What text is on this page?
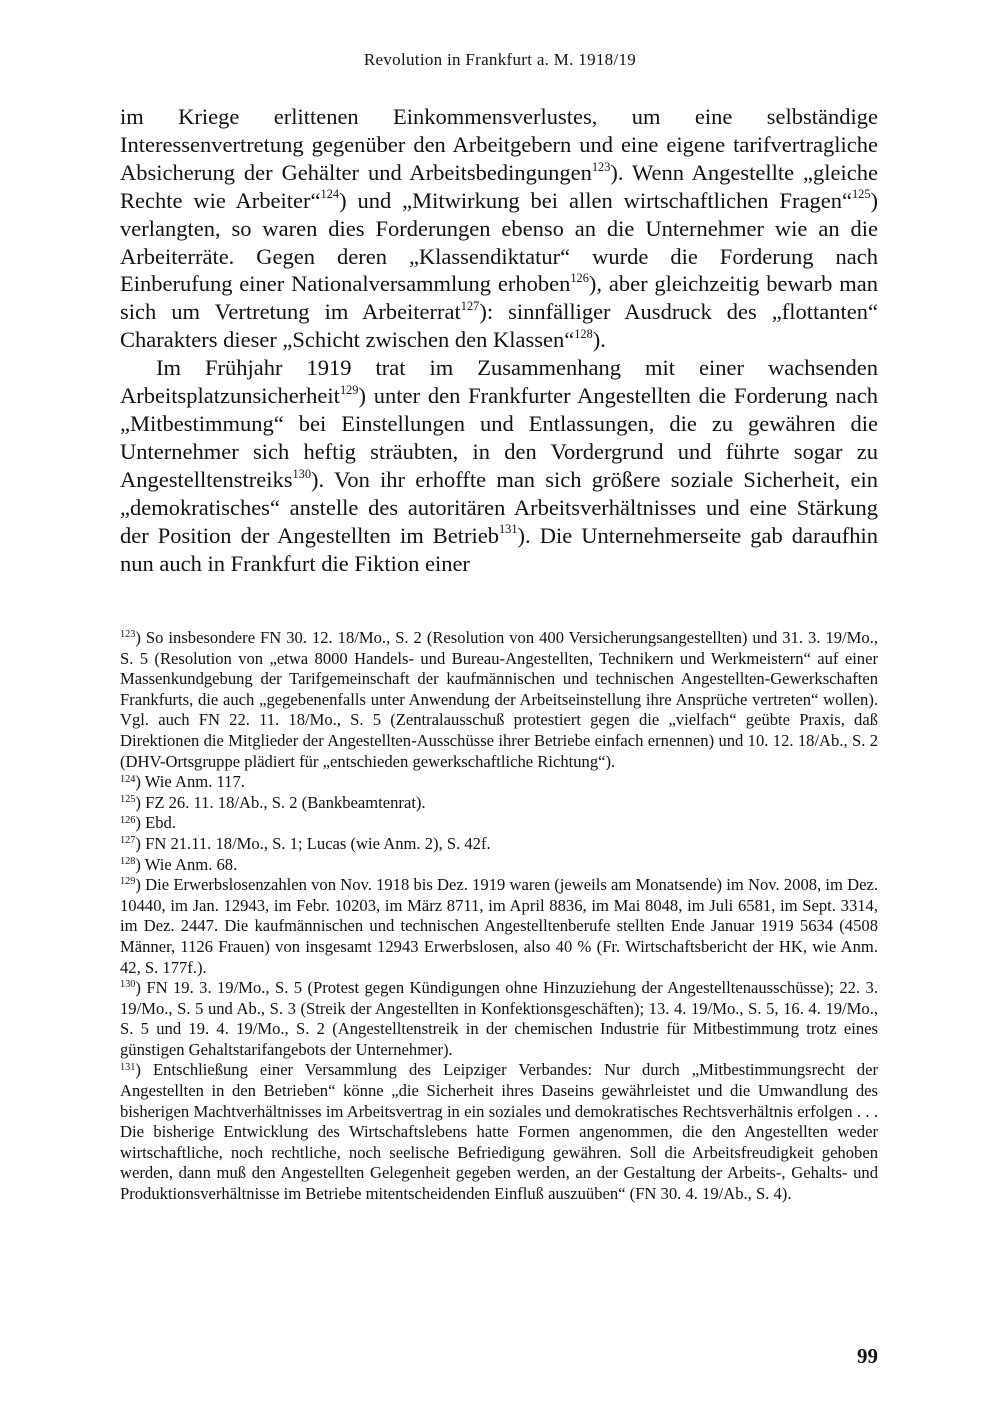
Revolution in Frankfurt a. M. 1918/19

im Kriege erlittenen Einkommensverlustes, um eine selbständige Interessenvertretung gegenüber den Arbeitgebern und eine eigene tarifvertragliche Absicherung der Gehälter und Arbeitsbedingungen$^{123}$). Wenn Angestellte „gleiche Rechte wie Arbeiter“$^{124}$) und „Mitwirkung bei allen wirtschaftlichen Fragen“$^{125}$) verlangten, so waren dies Forderungen ebenso an die Unternehmer wie an die Arbeiterräte. Gegen deren „Klassendiktatur“ wurde die Forderung nach Einberufung einer Nationalversammlung erhoben$^{126}$), aber gleichzeitig bewarb man sich um Vertretung im Arbeiterrat$^{127}$): sinnfälliger Ausdruck des „flottanten“ Charakters dieser „Schicht zwischen den Klassen“$^{128}$).

Im Frühjahr 1919 trat im Zusammenhang mit einer wachsenden Arbeitsplatzunsicherheit$^{129}$) unter den Frankfurter Angestellten die Forderung nach „Mitbestimmung“ bei Einstellungen und Entlassungen, die zu gewähren die Unternehmer sich heftig sträubten, in den Vordergrund und führte sogar zu Angestelltenstreiks$^{130}$). Von ihr erhoffte man sich größere soziale Sicherheit, ein „demokratisches“ anstelle des autoritären Arbeitsverhältnisses und eine Stärkung der Position der Angestellten im Betrieb$^{131}$). Die Unternehmerseite gab daraufhin nun auch in Frankfurt die Fiktion einer

$^{123}$) So insbesondere FN 30. 12. 18/Mo., S. 2 (Resolution von 400 Versicherungsangestellten) und 31. 3. 19/Mo., S. 5 (Resolution von „etwa 8000 Handels- und Bureau-Angestellten, Technikern und Werkmeistern“ auf einer Massenkundgebung der Tarifgemeinschaft der kaufmännischen und technischen Angestellten-Gewerkschaften Frankfurts, die auch „gegebenenfalls unter Anwendung der Arbeitseinstellung ihre Ansprüche vertreten“ wollen). Vgl. auch FN 22. 11. 18/Mo., S. 5 (Zentralausschuß protestiert gegen die „vielfach“ geübte Praxis, daß Direktionen die Mitglieder der Angestellten-Ausschüsse ihrer Betriebe einfach ernennen) und 10. 12. 18/Ab., S. 2 (DHV-Ortsgruppe plädiert für „entschieden gewerkschaftliche Richtung“).

$^{124}$) Wie Anm. 117.

$^{125}$) FZ 26. 11. 18/Ab., S. 2 (Bankbeamtenrat).

$^{126}$) Ebd.

$^{127}$) FN 21.11. 18/Mo., S. 1; Lucas (wie Anm. 2), S. 42f.

$^{128}$) Wie Anm. 68.

$^{129}$) Die Erwerbslosenzahlen von Nov. 1918 bis Dez. 1919 waren (jeweils am Monatsende) im Nov. 2008, im Dez. 10440, im Jan. 12943, im Febr. 10203, im März 8711, im April 8836, im Mai 8048, im Juli 6581, im Sept. 3314, im Dez. 2447. Die kaufmännischen und technischen Angestelltenberufe stellten Ende Januar 1919 5634 (4508 Männer, 1126 Frauen) von insgesamt 12943 Erwerbslosen, also 40 % (Fr. Wirtschaftsbericht der HK, wie Anm. 42, S. 177f.).

$^{130}$) FN 19. 3. 19/Mo., S. 5 (Protest gegen Kündigungen ohne Hinzuziehung der Angestelltenausschüsse); 22. 3. 19/Mo., S. 5 und Ab., S. 3 (Streik der Angestellten in Konfektionsgeschäften); 13. 4. 19/Mo., S. 5, 16. 4. 19/Mo., S. 5 und 19. 4. 19/Mo., S. 2 (Angestelltenstreik in der chemischen Industrie für Mitbestimmung trotz eines günstigen Gehaltstarifangebots der Unternehmer).

$^{131}$) Entschließung einer Versammlung des Leipziger Verbandes: Nur durch „Mitbestimmungsrecht der Angestellten in den Betrieben“ könne „die Sicherheit ihres Daseins gewährleistet und die Umwandlung des bisherigen Machtverhältnisses im Arbeitsvertrag in ein soziales und demokratisches Rechtsverhältnis erfolgen . . . Die bisherige Entwicklung des Wirtschaftslebens hatte Formen angenommen, die den Angestellten weder wirtschaftliche, noch rechtliche, noch seelische Befriedigung gewähren. Soll die Arbeitsfreudigkeit gehoben werden, dann muß den Angestellten Gelegenheit gegeben werden, an der Gestaltung der Arbeits-, Gehalts- und Produktionsverhältnisse im Betriebe mitentscheidenden Einfluß auszuüben“ (FN 30. 4. 19/Ab., S. 4).

99
